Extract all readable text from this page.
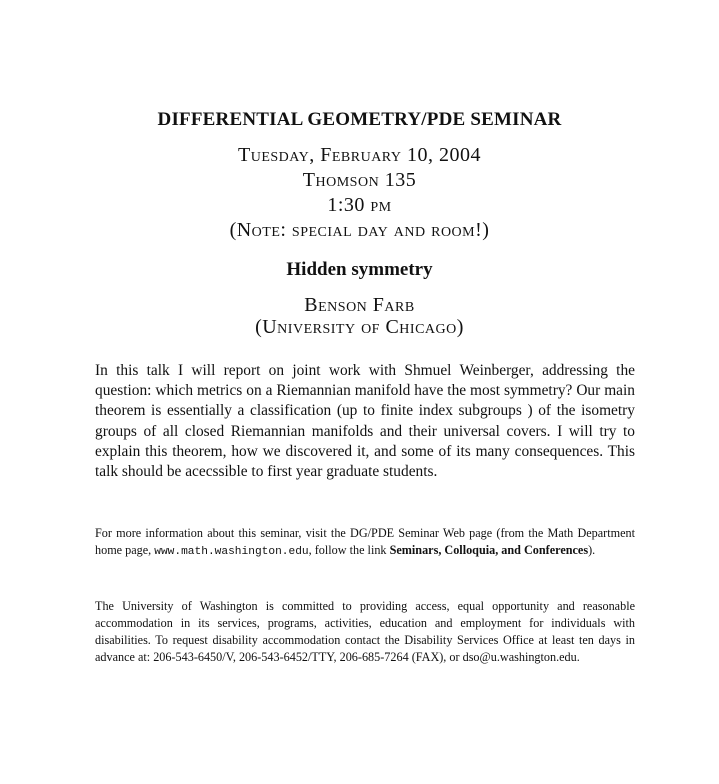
DIFFERENTIAL GEOMETRY/PDE SEMINAR
Tuesday, February 10, 2004
Thomson 135
1:30 pm
(Note: special day and room!)
Hidden symmetry
Benson Farb
(University of Chicago)
In this talk I will report on joint work with Shmuel Weinberger, addressing the question: which metrics on a Riemannian manifold have the most symmetry? Our main theorem is essentially a classification (up to finite index subgroups ) of the isometry groups of all closed Riemannian manifolds and their universal covers. I will try to explain this theorem, how we discovered it, and some of its many consequences. This talk should be acecssible to first year graduate students.
For more information about this seminar, visit the DG/PDE Seminar Web page (from the Math Department home page, www.math.washington.edu, follow the link Seminars, Colloquia, and Conferences).
The University of Washington is committed to providing access, equal opportunity and reasonable accommodation in its services, programs, activities, education and employment for individuals with disabilities. To request disability accommodation contact the Disability Services Office at least ten days in advance at: 206-543-6450/V, 206-543-6452/TTY, 206-685-7264 (FAX), or dso@u.washington.edu.
